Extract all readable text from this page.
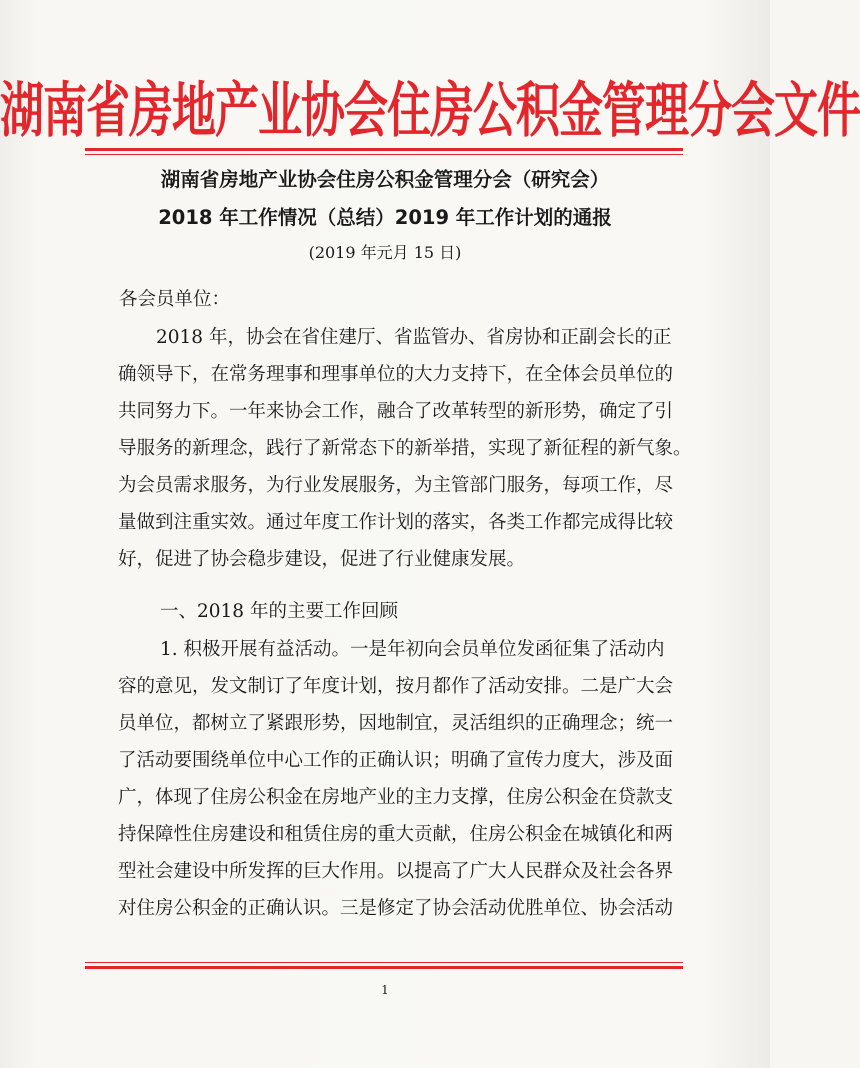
湖南省房地产业协会住房公积金管理分会文件
湖南省房地产业协会住房公积金管理分会（研究会）
2018 年工作情况（总结）2019 年工作计划的通报
(2019 年元月 15 日)
各会员单位：
2018 年，协会在省住建厅、省监管办、省房协和正副会长的正
确领导下，在常务理事和理事单位的大力支持下，在全体会员单位的
共同努力下。一年来协会工作，融合了改革转型的新形势，确定了引
导服务的新理念，践行了新常态下的新举措，实现了新征程的新气象。
为会员需求服务，为行业发展服务，为主管部门服务，每项工作，尽
量做到注重实效。通过年度工作计划的落实，各类工作都完成得比较
好，促进了协会稳步建设，促进了行业健康发展。
一、2018 年的主要工作回顾
1. 积极开展有益活动。一是年初向会员单位发函征集了活动内
容的意见，发文制订了年度计划，按月都作了活动安排。二是广大会
员单位，都树立了紧跟形势，因地制宜，灵活组织的正确理念；统一
了活动要围绕单位中心工作的正确认识；明确了宣传力度大，涉及面
广，体现了住房公积金在房地产业的主力支撑，住房公积金在贷款支
持保障性住房建设和租赁住房的重大贡献，住房公积金在城镇化和两
型社会建设中所发挥的巨大作用。以提高了广大人民群众及社会各界
对住房公积金的正确认识。三是修定了协会活动优胜单位、协会活动
1
